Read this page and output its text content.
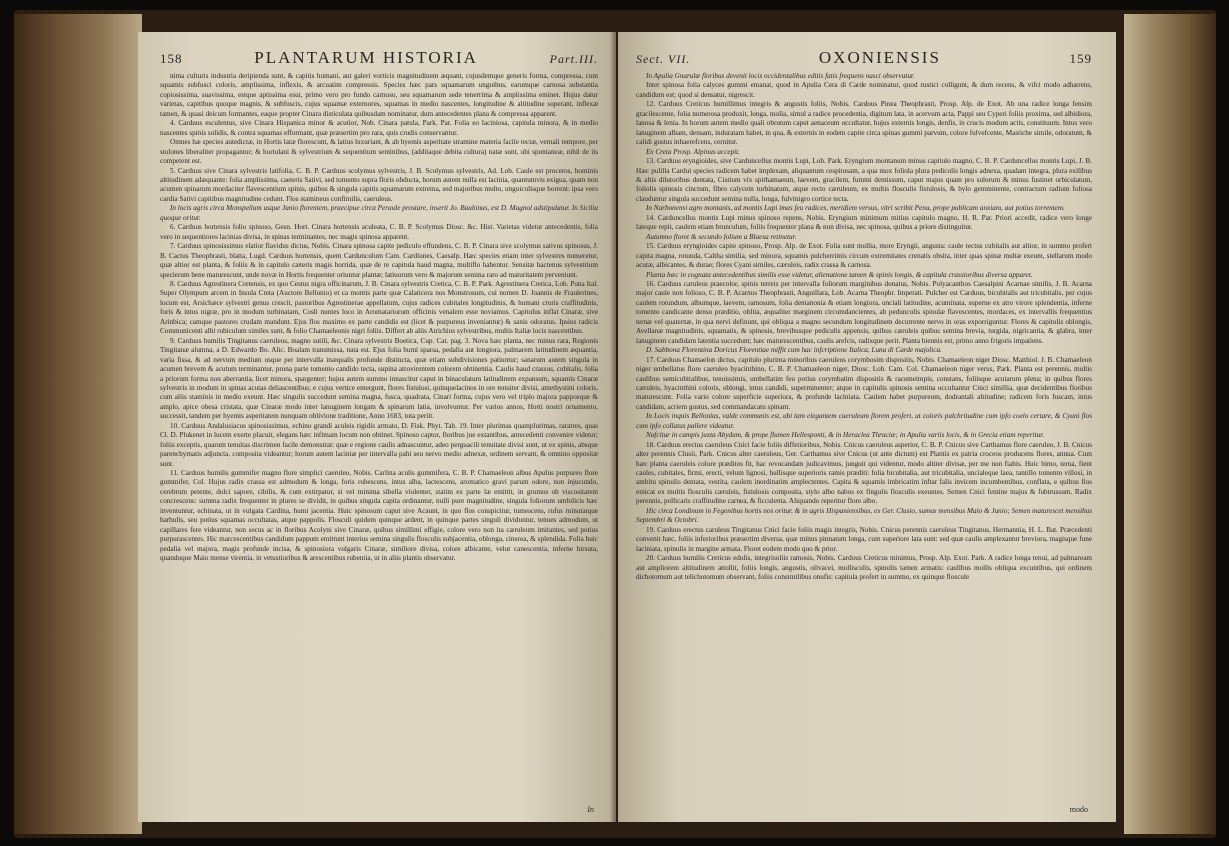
158	PLANTARUM HISTORIA	Part.III.

nima culturis industria deripienda sunt, & capitis humani, aut galeri vorticis magnitudinem æquant, cujusdemque generis forma, compressa, cum squamis subfusci coloris, amplissima, inflexis, & arcuatim compressis. Species hæc pars squamarum unguibus, earumque carnosa substantia copiosissima, suavissima, estque aptissima esui, primo vero pro fundo carnoso, seu squamarum sede tenerrima & amplissima eminet. Hujus datur varietas, capitibus quoque magnis, & subfuscis, cujus squamæ externores, squamas in medio nascentes, longitudine & altitudine superant, inflexæ tamen, & quasi deicum formantes, eaque propter Cinara disticulata quibusdam nominatur, dum antecedentes plana & compressa apparent.

4. Carduus esculentus, sive Cinara Hispanica minor & acutior, Nob. Cinara patula, Park. Par. Folia eo laciniosa, capitula minora, & in medio nascentes spinis solidis, & contra squamas efformant, quæ præsertim pro rara, quis crudis conservantur.

Omnes hæ species autedictæ, in Hortis latæ florescunt, & latius luxuriant, & ab hyemis asperitate stramine materia facile tectæ, vernali tempore, per stolones liberaliter propagantur; & hortulani & sylvestrium & sequentium seminibus, (additaque debita cultura) natæ sunt, ubi spontaneæ, nihil de iis competent est.

5. Carduus sive Cinara sylvestris latifolia, C. B. P. Carduus scolymus sylvestris, J. B. Scolymus sylvestris, Ad. Lob. Caule est proceros, hominis altitudinem adæquante: folia amplissima, caeteris Sativi, sed tomento supra floris obducta, horum autem nulla est lacinia, quantumvis exigua, quam non acumen spinarum mordaciter flavescentium spinis, quibus & singula capitis squamarum extrema, sed majoribus multo, unguiculisque horrent: ipsa vero cardia Sativi capitibus magnitudine cedunt. Flos stamineus confimilis, caeruleus.

In locis agris circa Monspelium usque Janio florentem, praecipue circa Peraule prostare, inserit Jo. Bauhinus, est D. Magnol adstipulatur. In Sicilia quoque oritur.

6. Carduus hortensis folio spinoso, Gesn. Hort. Cinara hortensis aculeata, C. B. P. Scolymus Diosc. &c. Hist. Varietas videtur antecedentis, folia vero in sequentiores lacinias divisa, in spinas terminantes, nec magis spinosa apparent.

7. Carduus spinosissimus elatior flavidus dictus, Nobis. Cinara spinosa capite pediculo effundens, C. B. P. Cinara sive scolymus sativus spinosus, J. B. Cactus Theophrasti, blatta, Lugd. Carduus hortensis, quem Cardunculum Cam. Cardiunes, Caesalp. Hæc species etiam inter sylvestres numeretur, quæ altior est planta, & foliis & in capitulo cæteris magis horrida, quæ de re capitula haud magna, multiflo habentur. Sensitæ hactenus sylvestrium specierum bene maturescunt, unde novæ in Hortis frequenter oriuntur plantæ; latiuorum vero & majorum semina raro ad maturitatem perveniunt.

8. Carduus Agrestinera Cretensis, ex quo Cestus nigra officinarum, J. B. Cinara sylvestris Cretica, C. B. P. Park. Agrestinera Cretica, Lob. Pona Ital. Super Olympum arcem in Insula Creta (Auctore Bellonio) et ca montis parte quæ Calaticera nos Monstrosum, cui nomen D. Joannis de Fraulerines, locum est, Arsichæce sylvestri genus crescit, pastoribus Agrestinerae appellatum, cujus radices cubitales longitudinis, & humani cruris craffitudinis, foris & intus nigræ, pro in modum turbinatam, Cosli nuntes loco in Aromatariorum officinis venalem esse noviamus. Capitulus inflat Cinaræ, sive Arinbica; camque pastores crudam mandunt. Ejus flos maximo ex parte candidis est (licet & purpureus inveniantur) & sanis odoratus. Ipsius radicis Communicenti albi rubiculum similes sunt, & folio Chamaeleonis nigri foliis. Differt ab aliis Atrichius sylvestribus, multis Italiæ locis nascentibus.

9. Carduus humilis Tingitanus caeruleus, magno sutili, &c. Cinara sylvestris Boetica, Cup. Cat. pag. 3. Nova hæc planta, nec minus rara, Regionis Tingitanæ alumna, a D. Edwardo Bo. Alic. Boalam transmissa, nata est. Ejus folia humi sparsa, pedalia aut longiora, palmarem latitudinem æquantia, varia fissa, & ad nervum medium usque per intervalla inæqualis profunde distincta, quæ etiam subdivisiones patiuntur; sanarum autem singula in acumen brevem & acutum terminantur, prona parte tomento candido tecta, supina atrovirentem colorem obtinentia. Caulis haud crassus, cubitalis, folia a priorum forma non aberrantia, licet minora, spargenter; hujus autem summo innascitur caput in binaculatum latitudinem expansum, squamis Cinaræ sylvestris in modum in spinas acutas deliascentibus; e cujus vertice emergunt, flores fistulosi, quinquelacinos in ore tenuiter divisi, amethystini coloris, cum aliis staminis in medio exeunt. Hæc singulis succedunt semina magna, fusca, quadrata, Cinari forma, cujus vero vel triplo majora papposque & amplo, apice obesa cristata, quæ Cinaræ modo inter lanuginem longam & spinarum latia, involvuntur. Per varios annos, Horti nostri ornamento, successit, tandem per hyemis asperitatem nunquam oblivione traditione, Anno 1683, tota periit.

10. Carduus Andalusiacus spinosissimus, echino grandi aculeis rigidis armato, D. Fisk. Phyt. Tab. 19. Inter plurimas quamplurimas, raratres, quas Cl. D. Plukenet in lucem exerte placuit, elegans hæc infimam locum non obtinet. Spinoso captor, floribus jue extantibus, antecedenti convenire videtur; foliis exceptis, quarum tenuitas discrimen facile demonstrat: quæ e regione caulis adnascuntur, adeo perguacili tenuitate divisi sunt, ut ex spinis, absque parenchymatis adjuncta, composita videantur; horum autem laciniæ per intervalla pahi seu nervo medio adnexæ, ordinem servant, & omnino oppositæ sunt.

11. Carduus humilis gummifer magno flore simplici caeruleo, Nobis. Carlina aculis gummifera, C. B. P. Chamaeleon albus Apulus purpureo flore gummifer, Col. Hujus radix crassa est admodum & longa, foris rubescens, intus alba, lactescens, aromatico gravi parum odore, non injucundo, cerebrum petente, dulci sapore, cibilis, & cum extirpatur, si vel minima sibella violenter, statim ex parte læ emittit, in grumos ob viscositatem concrescens: summa radix frequenter in plures se dividit, in quibus singula capita ordinantur, nulli pure magnitudine, singula foliorum umbilicis hæc inventuntur, echinata, ut in vulgata Cardina, humi jacentia. Huic spinosum caput sive Acaunt, in quo flos conspicitur, tumescens, rufus minutatque barbulis, seu potius squamas occultatas, atque pappolis. Flosculi quidem quinque ardent, in quinque partes singuli dividuntur, tenues admodum, ut capillares fere videantur, non secus ac in floribus Acolyni sive Cinaræ, quibus simillimi effigie, colore vero non ita cæruleum imitantes, sed potius purpurascentes. Hic marcescentibus candidum pappum emittunt interius semina singulis flosculis subjacentia, oblonga, cinerea, & splendida. Folia huic pedalia vel majora, magis profunde incisa, & spinosiora vulgaris Cinaræ, similiore divisa, colore albicante, velut canescentia, inferne hirsuta, quandoque Maio mense virentia, in vetustioribus & arescentibus rubentia, ut in aliis plantis observatur.

In
Sect. VII.	OXONIENSIS	159

In Apulia Gnarulæ floribus devenit locis occidentalibus editis fatis frequens nasci observatur.

Inter spinosa folia calyces gummi emanat, quod in Apulia Cera di Carde nominatur, quod rustici colligunt, & dum recens, & vifci modo adhærens, candidum est; quod si densatur, nigrescit.

12. Carduus Creticus humillimus integris & angustis foliis, Nobis. Cardous Pinea Theophrasti, Prosp. Alp. de Exot. Ab una radice longa fensim gracilescente, folia numerosa produxit, longa, molia, simul a radice procedentia, digitum lata, in acervum acta, Pappi seu Cyperi foliis proxima, sed albidiora, lanosa & lenia. In horum autem medio quali obrutum caput aenaceum occultatur, hujus externis longis, denfis, in crucis modum actis, constituum. Intus vero lanuginem albam, densam, induratam habet, in qua, & externis in eodem capite circa spinas gummi parvum, colore fulvefcente, Mastiche simile, odoratum, & calidi gustus inhaerefcens, cernitur.

Ex Creta Prosp. Alpinus accepit.

13. Carduus eryngioides, sive Carduncellus montis Lupi, Lob. Park. Eryngium montanum minus capitulo magno, C. B. P. Carduncellus montis Lupi, J. B. Hæc pulilla Cardui species radicem habet implexam, aliquantum cespitosam, a qua mox foliola plura pedicolis longis adnexa, quadam integra, plura exilibus & altis dilutoribus dentata, Cistium vix spithamaeum, laevem, gracilem, fummi demissum, caput majus quam pro sulorum & minus fustinet orbiculatum, foliolis spinosis cinctum, fibro calycem turbinatum, atque recto cæruleum, ex multis flosculis fistulosis, & bylo gemminente, contractum radium foliosa clauduntur singula succedunt semina nulla, longa, fulvinigro cortice tecta.

In Narbonensi agro montanis, ad montis Lupi imas feu radices, meridiem versus, vitri scribit Pena, prope publicam anxiam, aut potius torrentem.

14. Carduncellus montis Lupi minus spinoso repens, Nobis. Eryngium minimum mitius capitulo magno, H. R. Par. Priori accedit, radice vero longe lateque repit, caulem etiam brunculum, foliis frequenter plana & non divisa, nec spinosa, quibus a priore distinguitur.

Autumno floret & secundo folium a Blaesa retinetur.

15. Carduus eryngioides capite spinoso, Prosp. Alp. de Exot. Folia sunt mollia, more Eryngii, angusta: caule rectus cubitalis aut altior, in summo profert capita magna, rotunda, Caltha similia, sed minora, squamis pulcherrimis circum extremitates crenatis obsita, inter quas spinæ multæ exeunt, stellarum modo acutæ, albicantes, & durae; flores Cyani similes, cæruleis, radix crassa & carnosa.

Planta hæc in cognata antecedentibus similis esse videtur, alienatione tamen & spinis longis, & capitula crassioribus diversa apparet.

16. Carduus caruleus praecolor, spinis terreis per intervalla foliorum marginibus donatus, Nobis. Polyacanthos Caesalpini Acarnae similis, J. B. Acarna major caule non folioso, C. B. P. Acarnus Theophrasti, Anguillara, Lob. Acarna Theophr. Imperati. Pulcher est Carduus, bicubitalis aut tricubitalis, per cujus caulem rotundum, albumque, laevem, ramosum, folia dentanonia & etiam longiora, unciali latitudine, acuminata, superne ex atro virore splendentia, inferne tomento candicante denso præditio, oblita, æqualiter marginem circumdancientes, ab pedunculis spinulæ flavescentes, mordaces, ex intervallis frequentius ternæ vel quaternæ, in qua nervi definunt, qui obliqua a magno secundum longitudinem decurrente nervo in oras exporriguntur. Flores & capitulis oblongis, Avellanæ magnitudinis, squamatis, & spinosis, brevibusque pediculis appensis, quibus cæruleis quibus semina brevia, turgida, nigricantia, & glabra, inter lanuginem candidam latentia succedunt; hæc maturescentibus, caulis arefcis, radixque perit. Planta biennis est, primo anno frigoris impatiens.

D. Sabbona Florentina Doricus Florentiae miffit cum hac infcriptione Italica, Luna di Carde majolica.

17. Carduus Chamaelon dictus, capitulo plurima minoribus caeruleus corymbosim dispositis, Nobis. Chamaeleon niger Diosc. Matthiol. J. B. Chamaeleon niger umbellatus flore caeruleo hyacinthino, C. B. P. Chamaeleon niger, Diosc. Lob. Cam. Col. Chamaeleon niger verus, Park. Planta est perennis, multis caulibus semicubitalibus, tenuissimis, umbellatim feu potius corymbatim dispositis & racemeimpis, constans, foliisque acutarum plena; in quibus flores cæruleis, hyacinthini coloris, oblongi, intus candidi, superminenter; atque in capitulis spinosis semina occultantur Cnici simillia, quæ decidentibus floribus maturescunt. Folia vario colore superficie superiora, & profunde laciniata. Caulem habet purpureum, dodrantali altitudine; radicem foris fuscam, intus candidam, acriem gustus, sed commandacatu spinam.

In Locis inquis Bellonius, valde communis est, ubi tam elegantem caeruleum florem profert, ut coloris pulchritudine cum ipfo coelo certare, & Cyani flos cum ipfo collatus pallere videatur.

Nafcitur in campis juxta Abydum, & prope flumen Hellesponti, & in Heraclea Thraciæ; in Apulia variis locis, & in Grecia etiam reperitur.

18. Carduus erectus caeruleus Cnici facie foliis diffetioribus, Nobis. Cnicus caeruleus asperior, C. B. P. Cnicus sive Carthamus flore caeruleo, J. B. Cnicus alter perennis Clusii, Park. Cnicus alter caeruleus, Ger. Carthamus sive Cnicus (ut ante dictum) est Plantis ex patria croceos producens flores, annua. Cum hæc planta caeruleis colore præditos fit, hac revocandam judicavimus, junguit qui videntur, modo altiter divisæ, per me non fiabis. Huic bimo, terna, fient caules, cubitales, firmi, erecti, velum lignosi, hullisque superioris ramis præditi: folia bicubitalia, aut tricubitalia, uncialeque laea, tantillo tomento villosi, in ambitu spinulis dentata, vestita, caulem inordinatim amplectentes. Capita & squamis imbricatim inftar falis invicem incumbentibus, conflata, e quibus fios emicat ex multis flosculis cæruleis, fistulosis composita, stylo albo nabos ex fingulis flosculis exeuntes. Semen Cnici femine majus & fubtrussum. Radix perennis, pollicaris craffitudine carnea, & ficculenta. Aliquando reperitur flore albo.

Hic circa Londinum in Fegenibus hortis nos oritur, & in agris Hispaniensibus, ex Ger. Clusio, sumus mensibus Maio & Junio; Semen maturescet mensibus Septembri & Octobri.

19. Carduus erectus caruleus Tingitanus Cnici facie foliis magis integris, Nobis. Cnicus perennis caeruleus Tingitanus, Hermannia, H. L. Bat. Præcedenti convenit hæc, foliis inferioribus præsertim diversa, quæ minus pinnatum longa, cum superiore lata sunt: sed quæ caulis amplexantur breviora, magisque fune laciniata, spinulis in margine armata. Floret eodem modo quo & prior.

20. Carduus humilis Creticus edulis, integrisoliis ramosis, Nobis. Cardous Creticus minimus, Prosp. Alp. Exot. Park. A radice longa tenui, ad palmaream aut ampliorem altitudinem attollit, foliis longis, angustis, olivacei, mollisculis, spinulis tamen armatis: caulibus mollis obliqua excuntibus, qui ordinem dichotomum aut telichotomum observant, foliis consimilibus onufis: capitula profert in summo, ex quinque floscule

modo
